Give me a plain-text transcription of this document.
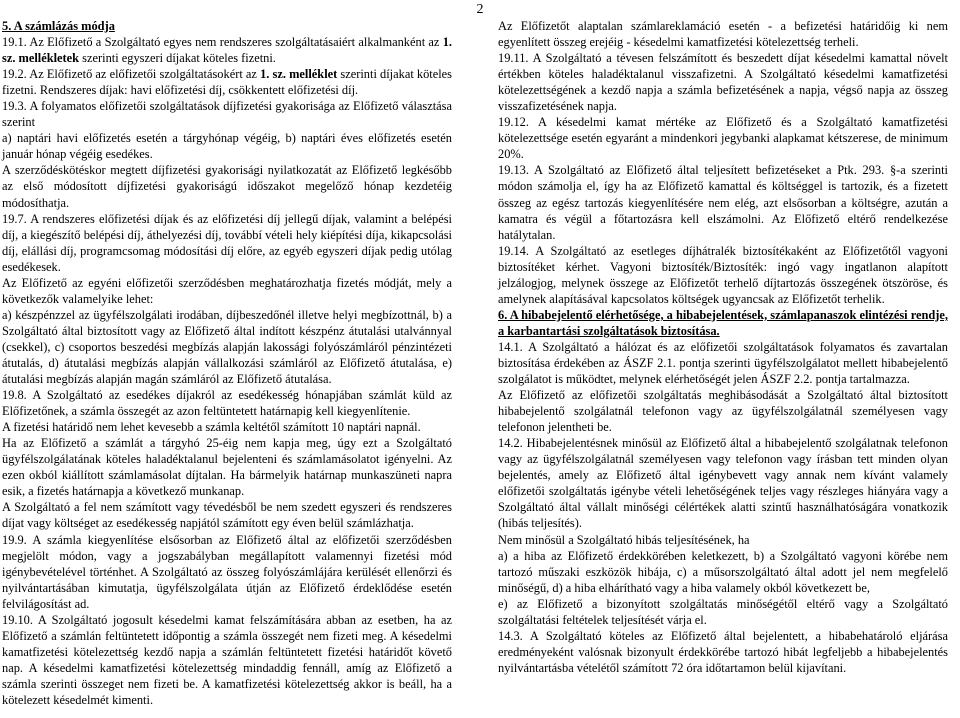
2

5. A számlázás módja

19.1. Az Előfizető a Szolgáltató egyes nem rendszeres szolgáltatásaiért alkalmanként az 1. sz. mellékletek szerinti egyszeri díjakat köteles fizetni.

19.2. Az Előfizető az előfizetői szolgáltatásokért az 1. sz. melléklet szerinti díjakat köteles fizetni. Rendszeres díjak: havi előfizetési díj, csökkentett előfizetési díj.

19.3. A folyamatos előfizetői szolgáltatások díjfizetési gyakorisága az Előfizető választása szerint

a) naptári havi előfizetés esetén a tárgyhónap végéig, b) naptári éves előfizetés esetén január hónap végéig esedékes.

A szerződéskötéskor megtett díjfizetési gyakorisági nyilatkozatát az Előfizető legkésőbb az első módosított díjfizetési gyakoriságú időszakot megelőző hónap kezdetéig módosíthatja.

19.7. A rendszeres előfizetési díjak és az előfizetési díj jellegű díjak, valamint a belépési díj, a kiegészítő belépési díj, áthelyezési díj, továbbí vételi hely kiépítési díja, kikapcsolási díj, elállási díj, programcsomag módosítási díj előre, az egyéb egyszeri díjak pedig utólag esedékesek.

Az Előfizető az egyéni előfizetői szerződésben meghatározhatja fizetés módját, mely a következők valamelyike lehet:

a) készpénzzel az ügyfélszolgálati irodában, díjbeszedőnél illetve helyi megbízottnál, b) a Szolgáltató által biztosított vagy az Előfizető által indított készpénz átutalási utalvánnyal (csekkel), c) csoportos beszedési megbízás alapján lakossági folyószámláról pénzintézeti átutalás, d) átutalási megbízás alapján vállalkozási számláról az Előfizető átutalása, e) átutalási megbízás alapján magán számláról az Előfizető átutalása.

19.8. A Szolgáltató az esedékes díjakról az esedékesség hónapjában számlát küld az Előfizetőnek, a számla összegét az azon feltüntetett határnapig kell kiegyenlítenie.

A fizetési határidő nem lehet kevesebb a számla keltétől számított 10 naptári napnál.

Ha az Előfizető a számlát a tárgyhó 25-éig nem kapja meg, úgy ezt a Szolgáltató ügyfélszolgálatának köteles haladéktalanul bejelenteni és számlamásolatot igényelni. Az ezen okból kiállított számlamásolat díjtalan. Ha bármelyik határnap munkaszüneti napra esik, a fizetés határnapja a következő munkanap.

A Szolgáltató a fel nem számított vagy tévedésből be nem szedett egyszeri és rendszeres díjat vagy költséget az esedékesség napjától számított egy éven belül számlázhatja.

19.9. A számla kiegyenlítése elsősorban az Előfizető által az előfizetői szerződésben megjelölt módon, vagy a jogszabályban megállapított valamennyi fizetési mód igénybevételével történhet. A Szolgáltató az összeg folyószámlájára kerülését ellenőrzi és nyilvántartásában kimutatja, ügyfélszolgálata útján az Előfizető érdeklődése esetén felvilágosítást ad.

19.10. A Szolgáltató jogosult késedelmi kamat felszámítására abban az esetben, ha az Előfizető a számlán feltüntetett időpontig a számla összegét nem fizeti meg. A késedelmi kamatfizetési kötelezettség kezdő napja a számlán feltüntetett fizetési határidőt követő nap. A késedelmi kamatfizetési kötelezettség mindaddig fennáll, amíg az Előfizető a számla szerinti összeget nem fizeti be. A kamatfizetési kötelezettség akkor is beáll, ha a kötelezett késedelmét kimenti.

Az Előfizetőt alaptalan számlareklamáció esetén - a befizetési határidőig ki nem egyenlített összeg erejéig - késedelmi kamatfizetési kötelezettség terheli.

19.11. A Szolgáltató a tévesen felszámított és beszedett díjat késedelmi kamattal növelt értékben köteles haladéktalanul visszafizetni. A Szolgáltató késedelmi kamatfizetési kötelezettségének a kezdő napja a számla befizetésének a napja, végső napja az összeg visszafizetésének napja.

19.12. A késedelmi kamat mértéke az Előfizető és a Szolgáltató kamatfizetési kötelezettsége esetén egyaránt a mindenkori jegybanki alapkamat kétszerese, de minimum 20%.

19.13. A Szolgáltató az Előfizető által teljesített befizetéseket a Ptk. 293. §-a szerinti módon számolja el, így ha az Előfizető kamattal és költséggel is tartozik, és a fizetett összeg az egész tartozás kiegyenlítésére nem elég, azt elsősorban a költségre, azután a kamatra és végül a főtartozásra kell elszámolni. Az Előfizető eltérő rendelkezése hatálytalan.

19.14. A Szolgáltató az esetleges díjhátralék biztosítékaként az Előfizetőtől vagyoni biztosítéket kérhet. Vagyoni biztosíték/Biztosíték: ingó vagy ingatlanon alapított jelzálogjog, melynek összege az Előfizetőt terhelő díjtartozás összegének ötszöröse, és amelynek alapításával kapcsolatos költségek ugyancsak az Előfizetőt terhelik.

6. A hibabejelentő elérhetősége, a hibabejelentések, számlapanaszok elintézési rendje, a karbantartási szolgáltatások biztosítása.

14.1. A Szolgáltató a hálózat és az előfizetői szolgáltatások folyamatos és zavartalan biztosítása érdekében az ÁSZF 2.1. pontja szerinti ügyfélszolgálatot mellett hibabejelentő szolgálatot is működtet, melynek elérhetőségét jelen ÁSZF 2.2. pontja tartalmazza.

Az Előfizető az előfizetői szolgáltatás meghibásodását a Szolgáltató által biztosított hibabejelentő szolgálatnál telefonon vagy az ügyfélszolgálatnál személyesen vagy telefonon jelentheti be.

14.2. Hibabejelentésnek minősül az Előfizető által a hibabejelentő szolgálatnak telefonon vagy az ügyfélszolgálatnál személyesen vagy telefonon vagy írásban tett minden olyan bejelentés, amely az Előfizető által igénybevett vagy annak nem kívánt valamely előfizetői szolgáltatás igénybe vételi lehetőségének teljes vagy részleges hiányára vagy a Szolgáltató által vállalt minőségi célértékek alatti szintű használhatóságára vonatkozik (hibás teljesítés).

Nem minősül a Szolgáltató hibás teljesítésének, ha

a) a hiba az Előfizető érdekkörében keletkezett, b) a Szolgáltató vagyoni körébe nem tartozó műszaki eszközök hibája, c) a műsorszolgáltató által adott jel nem megfelelő minőségű, d) a hiba elhárítható vagy a hiba valamely okból következett be,

e) az Előfizető a bizonyított szolgáltatás minőségétől eltérő vagy a Szolgáltató szolgáltatási feltételek teljesítését várja el.

14.3. A Szolgáltató köteles az Előfizető által bejelentett, a hibabehatároló eljárása eredményeként valósnak bizonyult érdekkörébe tartozó hibát legfeljebb a hibabejelentés nyilvántartásba vételétől számított 72 óra időtartamon belül kijavítani.
